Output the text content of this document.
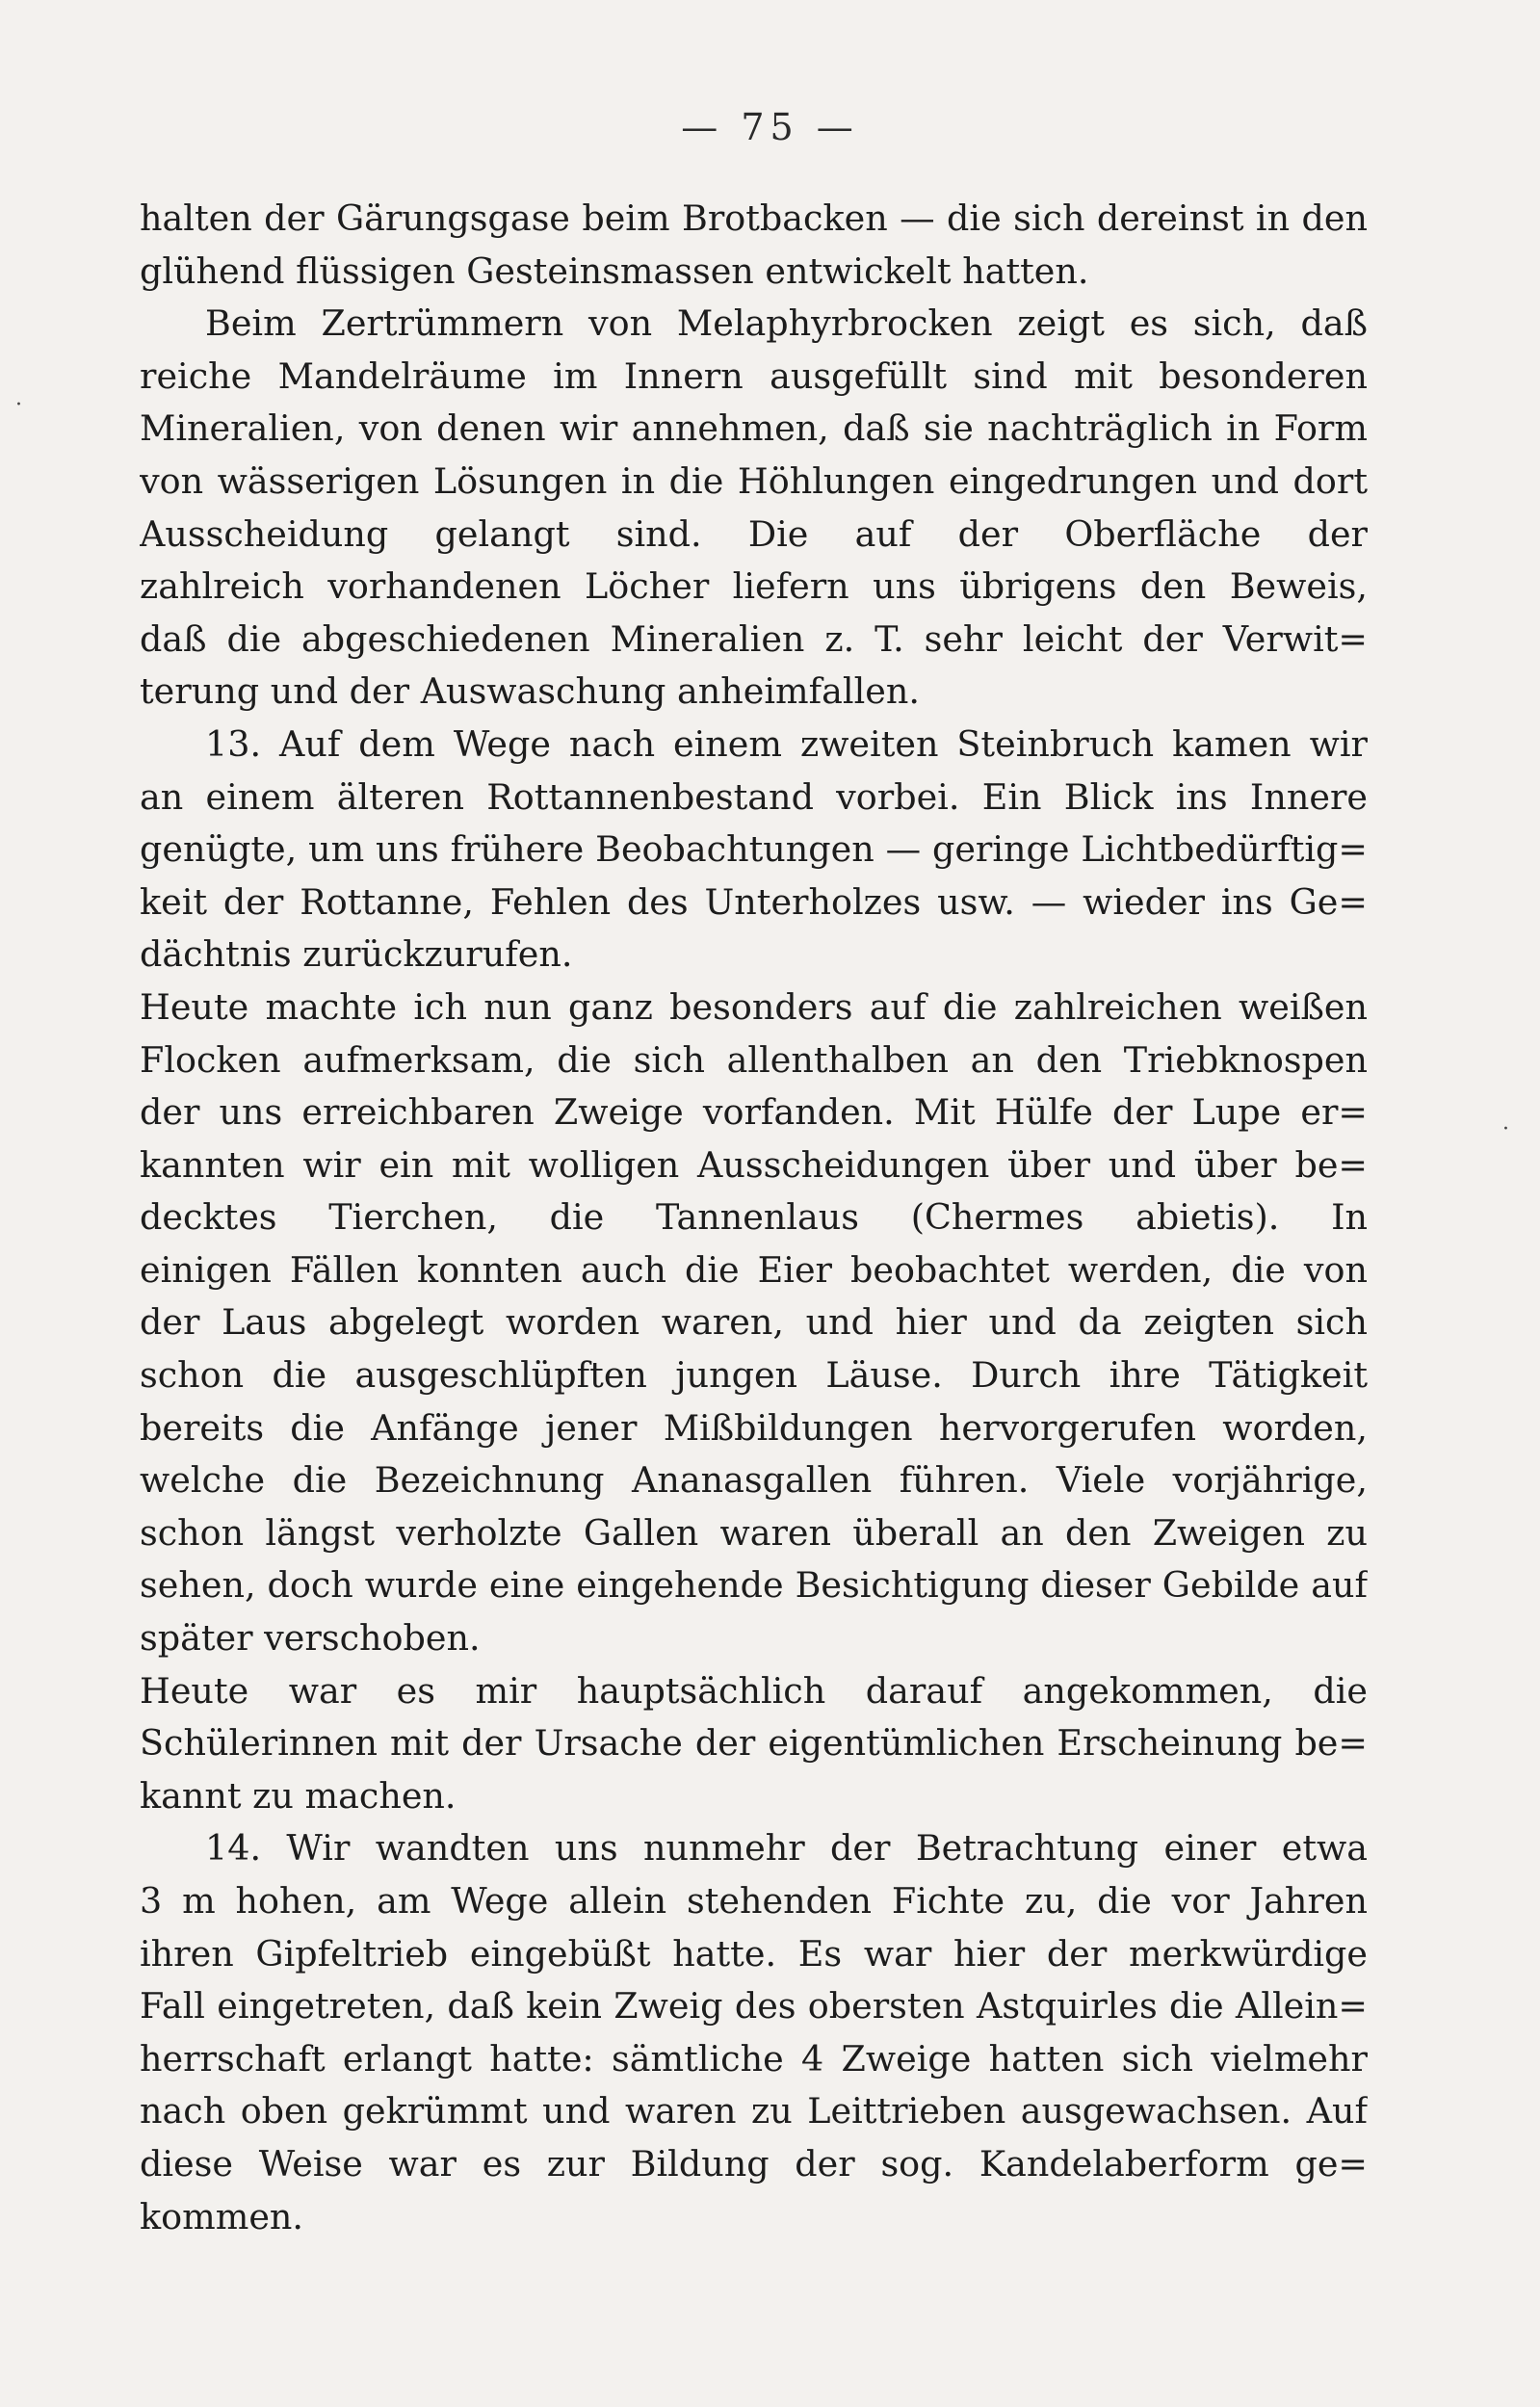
— 75 —
halten der Gärungsgase beim Brotbacken — die sich dereinst in den
glühend flüssigen Gesteinsmassen entwickelt hatten.
Beim Zertrümmern von Melaphyrbrocken zeigt es sich, daß
reiche Mandelräume im Innern ausgefüllt sind mit besonderen
Mineralien, von denen wir annehmen, daß sie nachträglich in Form
von wässerigen Lösungen in die Höhlungen eingedrungen und dort
Ausscheidung gelangt sind. Die auf der Oberfläche der
zahlreich vorhandenen Löcher liefern uns übrigens den Beweis,
daß die abgeschiedenen Mineralien z. T. sehr leicht der Verwit=
terung und der Auswaschung anheimfallen.
13. Auf dem Wege nach einem zweiten Steinbruch kamen wir
an einem älteren Rottannenbestand vorbei. Ein Blick ins Innere
genügte, um uns frühere Beobachtungen — geringe Lichtbedürftig=
keit der Rottanne, Fehlen des Unterholzes usw. — wieder ins Ge=
dächtnis zurückzurufen.
Heute machte ich nun ganz besonders auf die zahlreichen weißen
Flocken aufmerksam, die sich allenthalben an den Triebknospen
der uns erreichbaren Zweige vorfanden. Mit Hülfe der Lupe er=
kannten wir ein mit wolligen Ausscheidungen über und über be=
decktes Tierchen, die Tannenlaus (Chermes abietis). In
einigen Fällen konnten auch die Eier beobachtet werden, die von
der Laus abgelegt worden waren, und hier und da zeigten sich
schon die ausgeschlüpften jungen Läuse. Durch ihre Tätigkeit
bereits die Anfänge jener Mißbildungen hervorgerufen worden,
welche die Bezeichnung Ananasgallen führen. Viele vorjährige,
schon längst verholzte Gallen waren überall an den Zweigen zu
sehen, doch wurde eine eingehende Besichtigung dieser Gebilde auf
später verschoben.
Heute war es mir hauptsächlich darauf angekommen, die
Schülerinnen mit der Ursache der eigentümlichen Erscheinung be=
kannt zu machen.
14. Wir wandten uns nunmehr der Betrachtung einer etwa
3 m hohen, am Wege allein stehenden Fichte zu, die vor Jahren
ihren Gipfeltrieb eingebüßt hatte. Es war hier der merkwürdige
Fall eingetreten, daß kein Zweig des obersten Astquirles die Allein=
herrschaft erlangt hatte: sämtliche 4 Zweige hatten sich vielmehr
nach oben gekrümmt und waren zu Leittrieben ausgewachsen. Auf
diese Weise war es zur Bildung der sog. Kandelaberform ge=
kommen.
·
·
